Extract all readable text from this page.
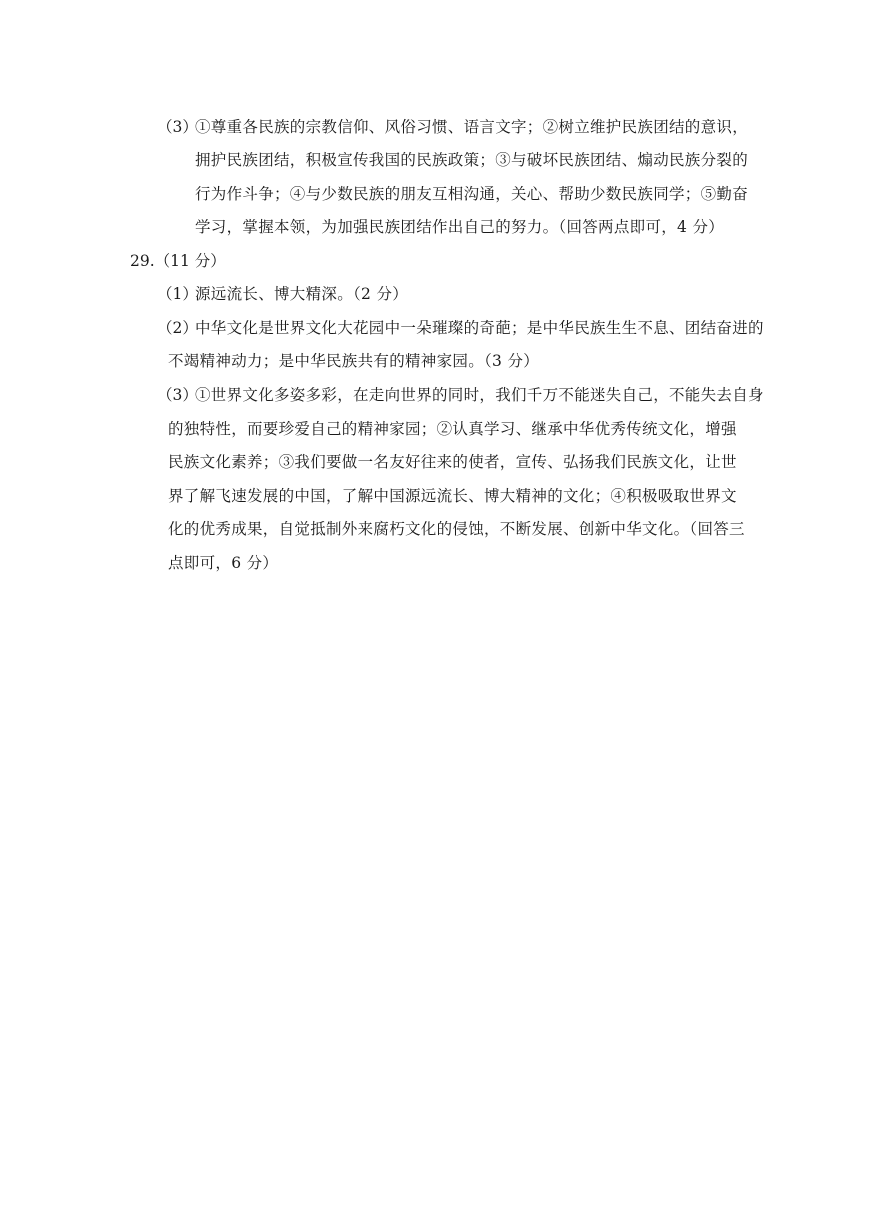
（3）
①尊重各民族的宗教信仰、风俗习惯、语言文字；②树立维护民族团结的意识，
拥护民族团结，积极宣传我国的民族政策；③与破坏民族团结、煽动民族分裂的
行为作斗争；④与少数民族的朋友互相沟通，关心、帮助少数民族同学；⑤勤奋
学习，掌握本领，为加强民族团结作出自己的努力。（回答两点即可，4 分）
29.（11 分）
（1）
源远流长、博大精深。（2 分）
（2）
中华文化是世界文化大花园中一朵璀璨的奇葩；是中华民族生生不息、团结奋进的
不竭精神动力；是中华民族共有的精神家园。（3 分）
（3）
①世界文化多姿多彩，在走向世界的同时，我们千万不能迷失自己，不能失去自身
的独特性，而要珍爱自己的精神家园；②认真学习、继承中华优秀传统文化，增强
民族文化素养；③我们要做一名友好往来的使者，宣传、弘扬我们民族文化，让世
界了解飞速发展的中国，了解中国源远流长、博大精神的文化；④积极吸取世界文
化的优秀成果，自觉抵制外来腐朽文化的侵蚀，不断发展、创新中华文化。（回答三
点即可，6 分）
